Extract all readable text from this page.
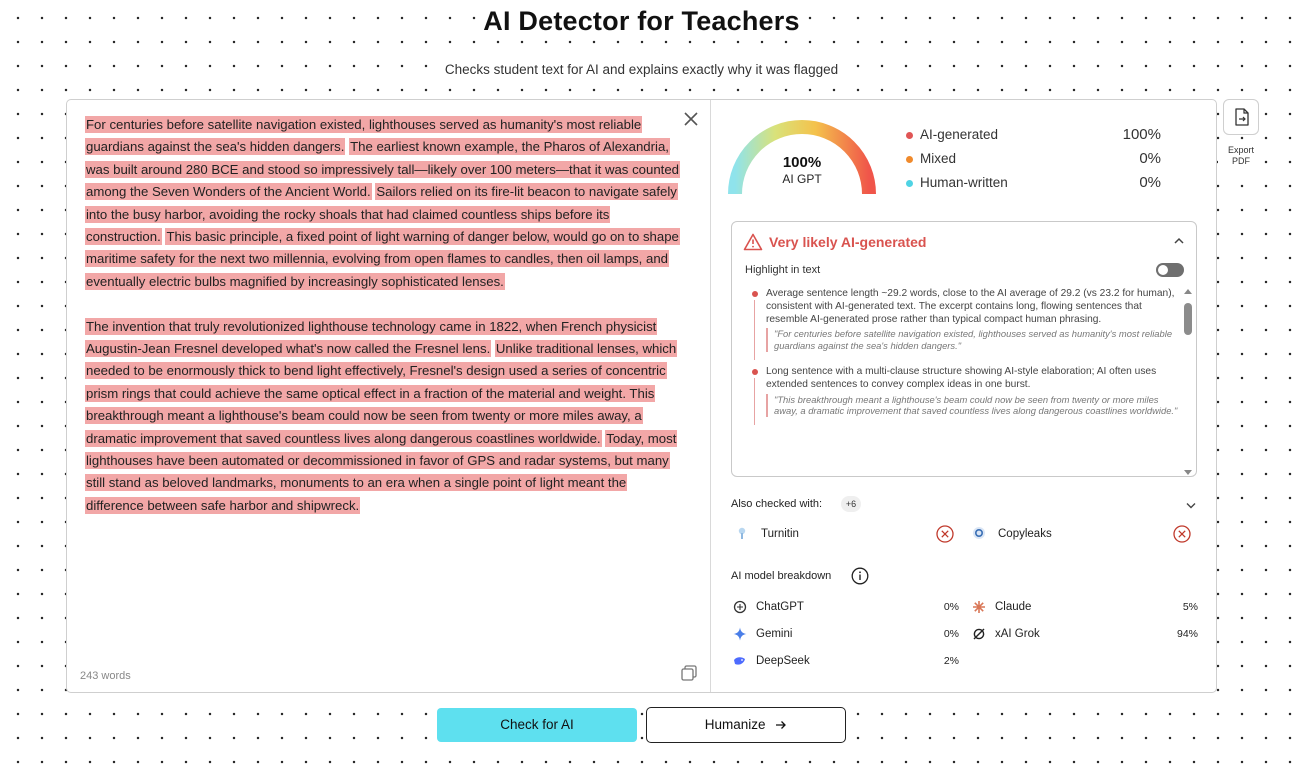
AI Detector for Teachers
Checks student text for AI and explains exactly why it was flagged

For centuries before satellite navigation existed, lighthouses served as humanity's most reliable guardians against the sea's hidden dangers. The earliest known example, the Pharos of Alexandria, was built around 280 BCE and stood so impressively tall—likely over 100 meters—that it was counted among the Seven Wonders of the Ancient World. Sailors relied on its fire-lit beacon to navigate safely into the busy harbor, avoiding the rocky shoals that had claimed countless ships before its construction. This basic principle, a fixed point of light warning of danger below, would go on to shape maritime safety for the next two millennia, evolving from open flames to candles, then oil lamps, and eventually electric bulbs magnified by increasingly sophisticated lenses.

The invention that truly revolutionized lighthouse technology came in 1822, when French physicist Augustin-Jean Fresnel developed what's now called the Fresnel lens. Unlike traditional lenses, which needed to be enormously thick to bend light effectively, Fresnel's design used a series of concentric prism rings that could achieve the same optical effect in a fraction of the material and weight. This breakthrough meant a lighthouse's beam could now be seen from twenty or more miles away, a dramatic improvement that saved countless lives along dangerous coastlines worldwide. Today, most lighthouses have been automated or decommissioned in favor of GPS and radar systems, but many still stand as beloved landmarks, monuments to an era when a single point of light meant the difference between safe harbor and shipwreck.

243 words
100%
AI GPT
AI-generated	100%
Mixed	0%
Human-written	0%
Very likely AI-generated
Highlight in text
Average sentence length ~29.2 words, close to the AI average of 29.2 (vs 23.2 for human), consistent with AI-generated text. The excerpt contains long, flowing sentences that resemble AI-generated prose rather than typical compact human phrasing.
"For centuries before satellite navigation existed, lighthouses served as humanity's most reliable guardians against the sea's hidden dangers."
Long sentence with a multi-clause structure showing AI-style elaboration; AI often uses extended sentences to convey complex ideas in one burst.
"This breakthrough meant a lighthouse's beam could now be seen from twenty or more miles away, a dramatic improvement that saved countless lives along dangerous coastlines worldwide."
Also checked with:	+6
Turnitin	Copyleaks
AI model breakdown
ChatGPT	0%	Claude	5%
Gemini	0%	xAI Grok	94%
DeepSeek	2%
Export
PDF
Check for AI	Humanize
